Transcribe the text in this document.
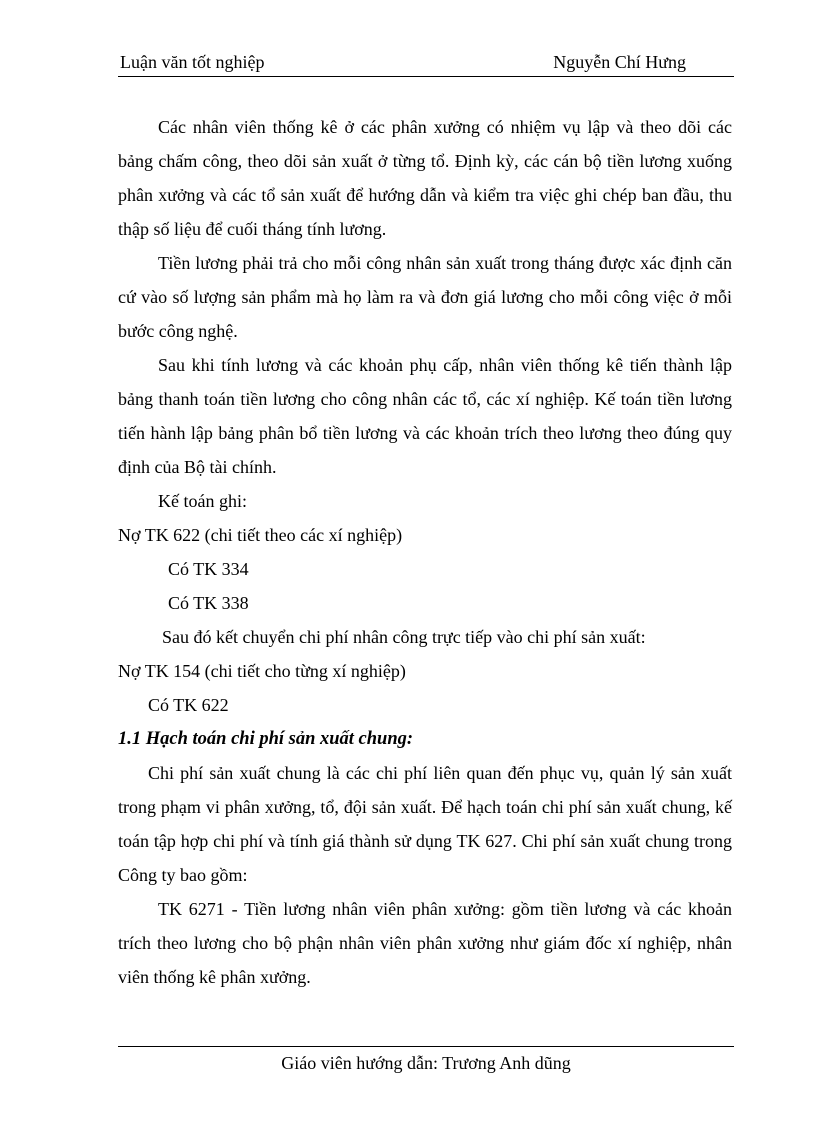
Luận văn tốt nghiệp	Nguyễn Chí Hưng

Các nhân viên thống kê ở các phân xưởng có nhiệm vụ lập và theo dõi các bảng chấm công, theo dõi sản xuất ở từng tổ. Định kỳ, các cán bộ tiền lương xuống phân xưởng và các tổ sản xuất để hướng dẫn và kiểm tra việc ghi chép ban đầu, thu thập số liệu để cuối tháng tính lương.

Tiền lương phải trả cho mỗi công nhân sản xuất trong tháng được xác định căn cứ vào số lượng sản phẩm mà họ làm ra và đơn giá lương cho mỗi công việc ở mỗi bước công nghệ.

Sau khi tính lương và các khoản phụ cấp, nhân viên thống kê tiến thành lập bảng thanh toán tiền lương cho công nhân các tổ, các xí nghiệp. Kế toán tiền lương tiến hành lập bảng phân bổ tiền lương và các khoản trích theo lương theo đúng quy định của Bộ tài chính.

Kế toán ghi:

Nợ TK 622 (chi tiết theo các xí nghiệp)

Có TK 334

Có TK 338

Sau đó kết chuyển chi phí nhân công trực tiếp vào chi phí sản xuất:

Nợ TK 154 (chi tiết cho từng xí nghiệp)

Có TK 622

1.1 Hạch toán chi phí sản xuất chung:

Chi phí sản xuất chung là các chi phí liên quan đến phục vụ, quản lý sản xuất trong phạm vi phân xưởng, tổ, đội sản xuất. Để hạch toán chi phí sản xuất chung, kế toán tập hợp chi phí và tính giá thành sử dụng TK 627. Chi phí sản xuất chung trong Công ty bao gồm:

TK 6271 - Tiền lương nhân viên phân xưởng: gồm tiền lương và các khoản trích theo lương cho bộ phận nhân viên phân xưởng như giám đốc xí nghiệp, nhân viên thống kê phân xưởng.

Giáo viên hướng dẫn: Trương Anh dũng
